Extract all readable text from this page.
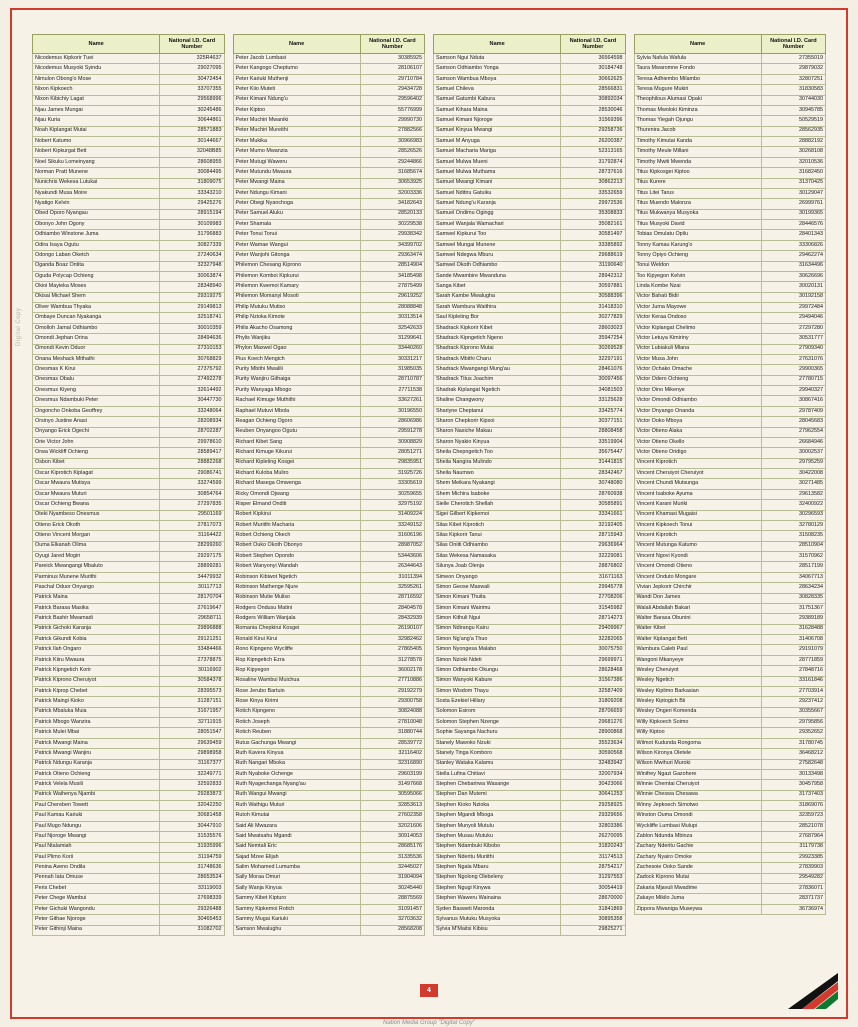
Digital Copy
Name	National I.D. Card Number
Nicodemus Kipkorir Tuei	325R4637
Nicodemus Musyoki Syindu	29027095
Nimulon Obong'o Mose	30472454
Nixon Kipkoech	33707355
Nixon Kibichiy Lagat	29568996
Njau James Mungai	30245486
Njau Kuria	30644861
Noah Kiplangat Mutai	28571883
Nobert Katumo	30144667
Nobert Kipkurgat Bett	32048B85
Noel Sikuku Lomeinyang	28608955
Norman Pratt Munene	30084495
Nunichris Wekesa Lutukai	31809075
Nyakundi Musa Moire	33343210
Nyatigo Kelvin	29425276
Obed Oporo Nyangau	28915194
Obonyo John Ogony	30109983
Odhiambo Winstone Juma	31796883
Odira Isaya Ogutu	30827339
Odongo Laban Oketch	27240634
Oganda Boaz Ontita	32327948
Oguda Polycap Ochieng	30063874
Okioi Mayieka Moses	28348940
Okisai Michael Shem	29319275
Oliver Wambua Thyaka	29149813
Ombaye Duncan Nyakanga	32518741
Omolloh Jamal Odhiambo	30010359
Omondi Jephan Orina	28494636
Omondi Kevin Oduor	27310153
Onana Meshack Mithathi	30768829
Onesmas K Kirui	27375792
Onesmas Obalu	27492278
Onesmus Kiyeng	32614492
Onesmus Ndambuki Peter	30447730
Ongoncho Onkoba Geoffrey	33248064
Orsinyo Justine Anasi	28208934
Onyango Erick Ogechi	28702287
Orie Victor John	29978610
Orwa Wickliff Ochieng	28589417
Osbon Kibet	28882268
Oscar Kiprotich Kiplagat	29086741
Oscar Mwaura Mutisya	33274599
Oscar Mwaura Muturi	30854764
Oscar Ochieng Bwana	27297835
Oteki Nyambeso Onesmus	29501169
Otieno Erick Okoth	27817073
Otieno Vincent Morgan	31164422
Ouma Elkanah Olima	28299260
Oyugi Jared Mogiri	29297175
Pareick Mwangangi Mbaluto	28899281
Parminus Munene Murithi	34479932
Paschal Oduor Onyango	30117713
Patrick Maina	28170704
Patrick Barasa Masika	27619647
Patrick Bashir Mwamadi	29658711
Patrick Gichoki Karanja	29896888
Patrick Gikundi Kobia	29121251
Patrick Ilah Ongaro	33484466
Patrick Kiiru Mwaura	27378875
Patrick Kipngetich Korir	30116902
Patrick Kiprono Cheruiyot	30584378
Patrick Kiprop Chebet	28395573
Patrick Maingi Kioko	31287151
Patrick Mbaluka Muia	31671957
Patrick Mbogo Wanzira	32711915
Patrick Mulei Mbai	28051547
Patrick Mwangi Maina	29639459
Patrick Mwangi Wanjiru	29898958
Patrick Ndungu Karanja	31167377
Patrick Otieno Ochieng	32249771
Patrick Velela Musili	32592833
Patrick Waihenya Njambi	29283873
Paul Chereben Towett	32042250
Paul Kamau Kariuki	30681458
Paul Mugo Ndungu	30447910
Paul Njoroge Mwangi	31535576
Paul Ntalamiah	31935996
Paul Plimo Korii	31194759
Penina Aveno Ondila	31748636
Pennah Iata Omuse	28653524
Peris Chebet	33119003
Peter Chege Wambui	27698339
Peter Gichuki Wangondu	29326488
Peter Githae Njoroge	30465453
Peter Githinji Maina	31082702
Name	National I.D. Card Number
Peter Jacob Lumbasi	30385925
Peter Kangogo Cheptumo	28106107
Peter Kariuki Muthenji	29710784
Peter Kiio Muteti	29434728
Peter Kimani Ndung'u	29596402
Peter Kiptoo	55776999
Peter Muchiri Mwaniki	29990730
Peter Muchiri Mureithi	27882566
Peter Mukika	30966983
Peter Mumo Mwanzia	28526526
Peter Mutugi Waweru	29244866
Peter Mutundu Mwaura	31685674
Peter Mwangi Maina	30653925
Peter Ndungu Kimani	32003336
Peter Obegi Nyanchoga	34182643
Peter Samuel Aluku	28520133
Peter Shamala	30229538
Peter Tonui Tonui	29938342
Peter Wamae Wangui	34399702
Peter Wanjohi Gitonga	29363474
Philemon Chesang Kiprono	28514904
Philemon Komboi Kipkurui	34185498
Philemon Kwemoi Kamary	27875499
Philemon Momanyi Mosoti	29619252
Philip Mutuku Mutiso	28088848
Philip Nzioka Kimote	30313514
Philis Akacho Osamong	32542633
Phylis Wanjiku	31299641
Phylon Maxwel Ogao	33440260
Pius Koech Mengich	30331217
Purity Mbithi Mwalili	31985035
Purity Wanjiru Githaiga	28710787
Purity Wanyaga Mbogo	27711538
Rachael Kimuge Muthithi	33627261
Raphael Mutuvi Mbola	30196550
Reagan Ochieng Ogoro	28606986
Reuben Onyangoo Ogutu	29591278
Richard Kibet Sang	30908829
Richard Kimuge Kikurui	28051271
Richard Kipleting Kosgei	29835951
Richard Kuloba Muliro	31925726
Richard Masega Omwenga	33305619
Ricky Omondi Ojwang	30259655
Risper Elmand Onditi	32975192
Robert Kipkirui	31409224
Robert Muriithi Macharia	33249152
Robert Ochieng Okech	31606196
Robert Ouko Okoth Obonyo	28987052
Robert Stephen Opondo	53443606
Robert Wanyonyi Wandah	26344643
Robinson Kibiwot Ngetich	31011394
Robinson Mathenge Njure	32595261
Robinson Mutie Muliso	28716592
Rodgers Ondusu Matini	28404578
Rodgers William Wanjala	28432939
Romania Chepkirui Kosgei	26190107
Ronald Kirui Kirui	32982462
Rono Kipngeno Wycliffe	27865405
Rop Kipngetich Ezra	31278578
Rop Kipyegon	36002178
Rosaline Wambui Muichua	27710886
Rose Jerubo Bartuin	29192279
Rose Kinya Kirimi	29300758
Rotich Kipngeno	30824088
Rotich Joseph	27810048
Rotich Reuben	31880744
Rutus Gachunga Mwangi	28539772
Ruth Kavera Kinyua	32116402
Ruth Nangari Mboka	32316890
Ruth Nyaboke Ochenge	29603199
Ruth Nyagechanga Nyang'au	31497668
Ruth Wangui Mwangi	30595066
Ruth Wathigu Muturi	32853613
Rutoh Kimutai	27602358
Said Ali Mwazara	32021606
Said Mwatsahu Mgandi	30914053
Said Nemtali Eric	28685176
Sajad Mzee Elijah	31335536
Salim Mohamed Lumumba	32445027
Sally Moraa Omuri	31904094
Sally Wanja Kinyua	30245440
Sammy Kibet Kipturo	28875569
Sammy Kipkemoi Rotich	31091457
Sammy Mugai Kariuki	32703632
Samson Mwalughu	28568208
Name	National I.D. Card Number
Samson Ngui Nduta	36564598
Samson Odhiambo Yonga	30184748
Samson Wambua Mboya	30662625
Samuel Chileva	28566831
Samuel Gatumbi Kabura	30892034
Samuel Kihara Maina	28530046
Samuel Kimani Njoroge	31569396
Samuel Kinyua Mwangi	29258736
Samuel M Anyuga	26200387
Samuel Macharia Mariga	52313165
Samuel Mulwa Mueni	31792874
Samuel Mulwa Muthama	28737616
Samuel Mwangi Kimani	30862213
Samuel Nditiru Gatuiku	33532659
Samuel Ndung'u Karanja	29972536
Samuel Ondimu Ogingg	35308833
Samuel Wanjala Wamachari	35082161
Samwel Kipkurui Too	30581497
Samwel Mungai Munene	33385892
Samwel Ndegwa Mburu	29688619
Samwel Okoth Odhiambo	31190640
Sande Mwambire Mwanduna	28942312
Sanga Kibet	30597881
Sarah Kambe Mwalugha	30588396
Sarah Wambura Waithira	31418310
Saul Kipleting Bor	30277829
Shadrack Kipkorir Kibet	28603023
Shadrack Kipngetich Ngeno	35947254
Shadrack Kiprono Mutai	30269528
Shadrack Mbithi Charu	32297191
Shadrack Mwangangi Mung'au	28461076
Shadrack Titus Joachim	30097456
Shadrak Kiplangat Ngetich	34081503
Shaline Changwony	33125628
Shariyne Cheptanui	33425774
Sharon Chepkorir Kipsoi	30377151
Sharon Nasiche Makau	28808458
Sharon Nyakio Kinyua	33519904
Sheila Chepngetich Too	35675447
Sheila Nangira Mulindo	31441815
Sheila Naumwo	28342467
Shem Meikara Nyakangi	30748080
Shem Michira Isaboke	28760938
Sielle Cherotich Shellah	30585891
Sigei Gilbert Kipkemoi	33341661
Silas Kibet Kiprotich	32192405
Silas Kipkorir Tanui	28715943
Silas Oniiti Odhiambo	29636964
Silas Wekesa Namasaka	32229081
Silunya Joab Olenja	28876802
Simeon Onyango	31671163
Simon Geose Maswali	29945778
Simon Kimani Thuita	27708206
Simon Kimani Wairimu	31545982
Simon Kithuli Ngui	28714273
Simon Ndirangu Kairu	29409967
Simon Ng'ang'a Thuo	32282065
Simon Nyongesa Malabo	30075750
Simon Nzioki Ndeti	29699971
Simon Odhiambo Okungu	28628468
Simon Wanyoki Kabure	31567386
Simon Wisdom Thayu	32587409
Sosta Ezekiel Hillary	31809208
Solomon Esirom	28706659
Solomon Stephen Nzenge	29681276
Sophie Sayanga Nachuru	28900868
Stanely Mawoko Nzuki	35523634
Stanely Tinga Komboro	30590568
Stanley Wataka Kalamu	32483942
Stella Lufina Chitiavi	32007934
Stephen Chebarirwa Wasange	30423066
Stephen Dan Mutemi	30641253
Stephen Kioko Nzioka	29258925
Stephen Mgandi Mboga	29329656
Stephen Munyoli Mutulu	32803386
Stephen Musau Mutuku	26270095
Stephen Ndambuki Kibobo	31820243
Stephen Nderitu Muriithi	31174513
Stephen Ngala Mbaru	28754217
Stephen Ngolong Olebeleny	31297553
Stephen Ngugi Kinywa	30054419
Stephen Waweru Wainaina	28670000
Syden Basweti Maronda	31841869
Sylvanus Mutuku Musyoka	30895358
Sylvia M'Maitsi Kibisu	29825271
Name	National I.D. Card Number
Sylvia Nafula Wafula	27355019
Taura Mwaromne Fondo	29879032
Teresa Adhiembo Milambo	32807251
Teresa Mugure Mukiri	31830583
Theophilous Alumasi Opaki	30744030
Thomas Mwoloki Kiminza	30945785
Thomas Yiegah Ojungu	50529519
Thurenira Jacob	28562935
Timothy Kimutai Kanda	28882192
Timothy Meule Millani	30268108
Timothy Mwiti Mwenda	32010536
Titus Kipkosgei Kiptoo	31682450
Titus Kurere	31370425
Titus Litei Tarus	30129047
Titus Muendo Malonza	26999761
Titus Mukwanya Musyoka	30199365
Titus Musyoki David	28446576
Tobias Omulatu Opilu	28401343
Tonny Kamau Karung'o	33306826
Tonny Opiyo Ochieng	29462274
Tonui Weldon	31634496
Too Kipyegon Kelvin	30626696
Linda Kombe Nzai	30020131
Victor Bahati Bidii	30192158
Victor Juma Mayowe	29972484
Victor Keraa Ondoso	29494046
Victor Kiplangat Chelimo	27297280
Victor Letuya Kimiriny	30531777
Victor Lubiakuli Mlana	27909340
Victor Musa John	27631076
Victor Ochako Omache	29900365
Victor Odero Ochieng	27780715
Victor Oino Mikenye	29940327
Victor Omondi Odhiambo	30867416
Victor Onyango Onanda	29787409
Victor Ooko Mboya	28045683
Victor Otieno Alaka	27962554
Victor Otieno Okello	26684946
Victor Otieno Oridigo	30002537
Vincent Kiprotich	29795259
Vincent Cheruiyot Cheruiyot	30422008
Vincent Chundi Mutsunga	30271485
Vincent Isaboke Ayuma	29613582
Vincent Karani Muriki	32400922
Vincent Khamasi Mugaisi	30296593
Vincent Kipkoech Tonui	32780129
Vincent Kiprotich	31508235
Vincent Mutunga Katumo	28510904
Vincent Ngovi Kyondi	31570962
Vincent Omondi Otieno	28517199
Vincent Onduto Mongare	34067713
Vivian Jepkorir Chirchir	28634234
Wandi Don James	30828335
Walali Abdallah Bakari	31751367
Walter Barasa Obunini	29389189
Walter Kibet	31628488
Walter Kiplangat Bett	31406708
Wambura Caleb Paul	29191079
Wangoni Mkanyeye	28771859
Wesley Cheruiyot	27848716
Wesley Ngetich	33161846
Wesley Kiplimo Barkasian	27703914
Wesley Kiptogich Bii	29237412
Wesley Ongeri Komenda	30355667
Willy Kipkoech Soimo	29795856
Willy Kiptoo	29352652
Wilmot Kudunda Rongoma	31780745
Wilson Kironya Oletele	36468212
Wilson Mwihuri Muroki	27582648
Winifrey Ngazi Gazohere	30133498
Winnie Chemtai Cheruiyot	30457958
Winnie Cheswa Chesawa	31737403
Winny Jepkoech Simotwo	31869076
Winston Ouma Omondi	32359723
Wyckliffe Lumbasi Mulupi	28521078
Zablon Ndunda Mbinza	27687964
Zachary Nderitu Gachie	31179738
Zachary Nyairo Omoke	29923385
Zachesoie Ooko Sande	27839903
Zadock Kiprono Mutai	29549282
Zakaria Mjavuli Mwadime	27836071
Zakayo Mikilo Juma	28371737
Zippora Mwaniga Museywa	36736974
4
Nation Media Group "Digital Copy"
